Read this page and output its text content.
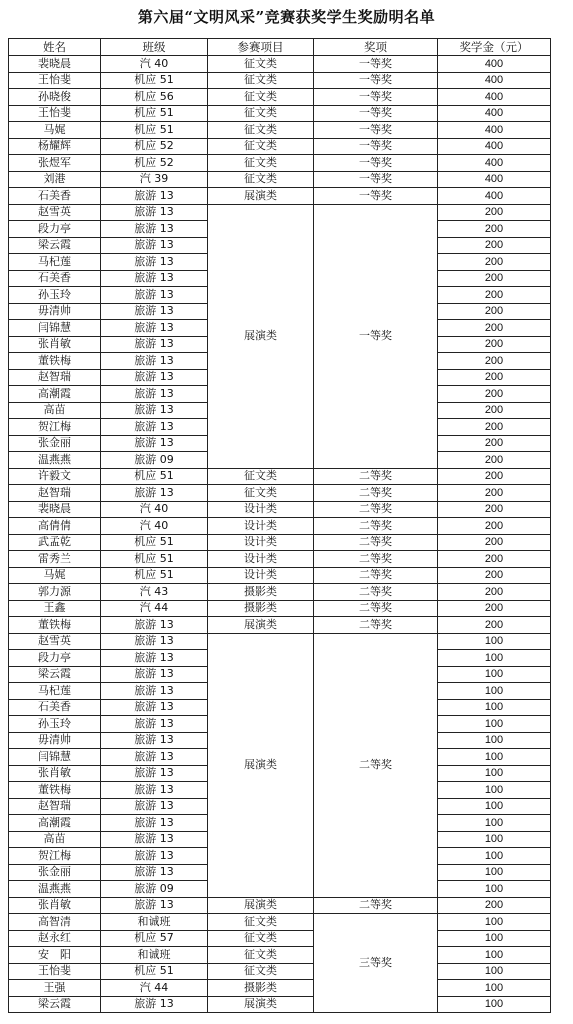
第六届“文明风采”竞赛获奖学生奖励明名单
姓名	班级	参赛项目	奖项	奖学金（元）
裴晓晨	汽 40	征文类	一等奖	400
王怡斐	机应 51	征文类	一等奖	400
孙晓俊	机应 56	征文类	一等奖	400
王怡斐	机应 51	征文类	一等奖	400
马娓	机应 51	征文类	一等奖	400
杨耀辉	机应 52	征文类	一等奖	400
张煜军	机应 52	征文类	一等奖	400
刘港	汽 39	征文类	一等奖	400
石美香	旅游 13	展演类	一等奖	400
赵雪英	旅游 13	展演类	一等奖	200
段力亭	旅游 13			200
梁云霞	旅游 13			200
马杞莲	旅游 13			200
石美香	旅游 13			200
孙玉玲	旅游 13			200
毋清帅	旅游 13			200
闫锦慧	旅游 13			200
张肖敏	旅游 13			200
董铁梅	旅游 13			200
赵智瑞	旅游 13			200
高潮霞	旅游 13			200
高苗	旅游 13			200
贺江梅	旅游 13			200
张金丽	旅游 13			200
温燕燕	旅游 09			200
许毅文	机应 51	征文类	二等奖	200
赵智瑞	旅游 13	征文类	二等奖	200
裴晓晨	汽 40	设计类	二等奖	200
高倩倩	汽 40	设计类	二等奖	200
武孟乾	机应 51	设计类	二等奖	200
雷秀兰	机应 51	设计类	二等奖	200
马娓	机应 51	设计类	二等奖	200
郭力源	汽 43	摄影类	二等奖	200
王鑫	汽 44	摄影类	二等奖	200
董铁梅	旅游 13	展演类	二等奖	200
赵雪英	旅游 13	展演类	二等奖	100
段力亭	旅游 13			100
梁云霞	旅游 13			100
马杞莲	旅游 13			100
石美香	旅游 13			100
孙玉玲	旅游 13			100
毋清帅	旅游 13			100
闫锦慧	旅游 13			100
张肖敏	旅游 13			100
董铁梅	旅游 13			100
赵智瑞	旅游 13			100
高潮霞	旅游 13			100
高苗	旅游 13			100
贺江梅	旅游 13			100
张金丽	旅游 13			100
温燕燕	旅游 09			100
张肖敏	旅游 13	展演类	二等奖	200
高智清	和诚班	征文类	三等奖	100
赵永红	机应 57	征文类		100
安　阳	和诚班	征文类		100
王怡斐	机应 51	征文类		100
王强	汽 44	摄影类		100
梁云霞	旅游 13	展演类		100
